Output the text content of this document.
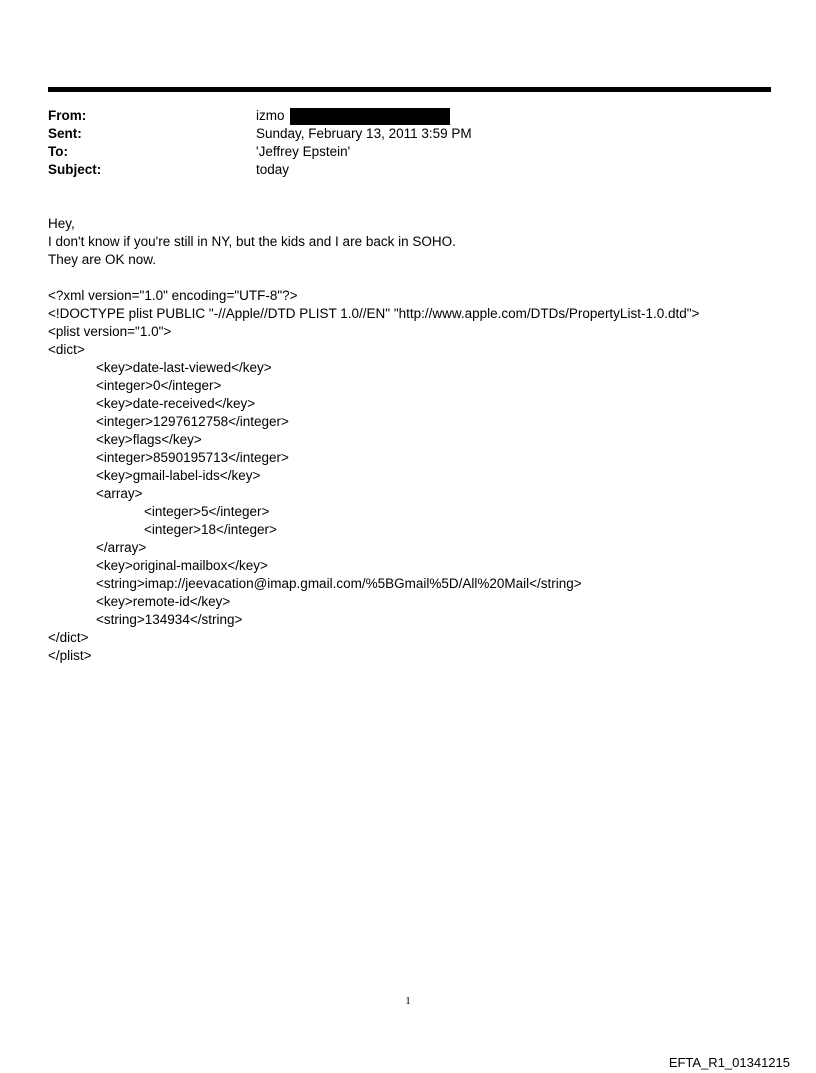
From:	izmo
Sent:	Sunday, February 13, 2011 3:59 PM
To:	'Jeffrey Epstein'
Subject:	today
Hey,
I don't know if you're still in NY, but the kids and I are back in SOHO.
They are OK now.
<?xml version="1.0" encoding="UTF-8"?>
<!DOCTYPE plist PUBLIC "-//Apple//DTD PLIST 1.0//EN" "http://www.apple.com/DTDs/PropertyList-1.0.dtd">
<plist version="1.0">
<dict>
<key>date-last-viewed</key>
<integer>0</integer>
<key>date-received</key>
<integer>1297612758</integer>
<key>flags</key>
<integer>8590195713</integer>
<key>gmail-label-ids</key>
<array>
<integer>5</integer>
<integer>18</integer>
</array>
<key>original-mailbox</key>
<string>imap://jeevacation@imap.gmail.com/%5BGmail%5D/All%20Mail</string>
<key>remote-id</key>
<string>134934</string>
</dict>
</plist>
1
EFTA_R1_01341215
